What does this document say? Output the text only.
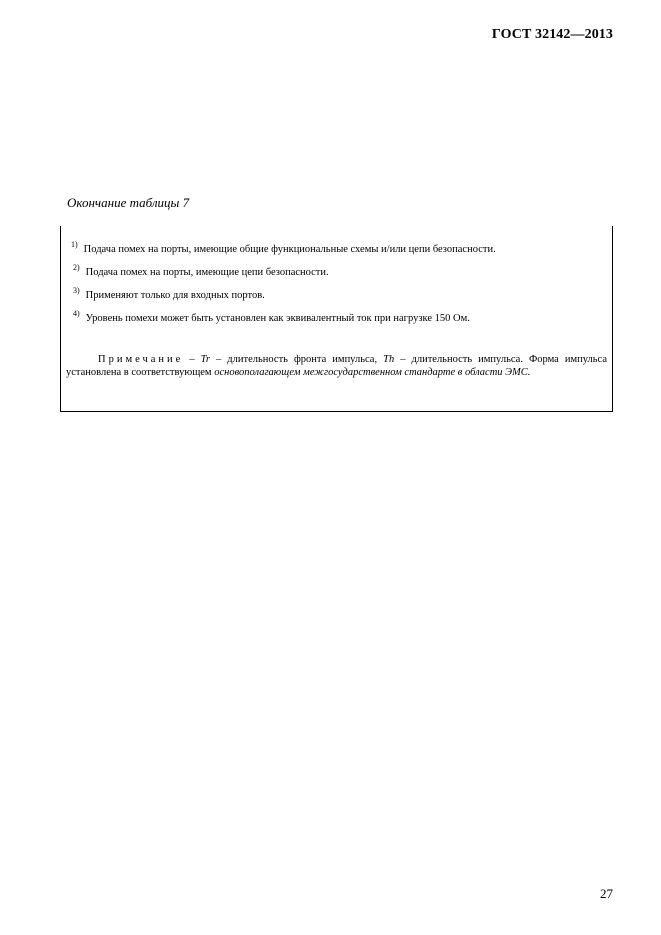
ГОСТ 32142—2013
Окончание таблицы 7
$^{1)}$ Подача помех на порты, имеющие общие функциональные схемы и/или цепи безопасности.
$^{2)}$ Подача помех на порты, имеющие цепи безопасности.
$^{3)}$ Применяют только для входных портов.
$^{4)}$ Уровень помехи может быть установлен как эквивалентный ток при нагрузке 150 Ом.
Примечание – Tr – длительность фронта импульса, Th – длительность импульса. Форма импульса установлена в соответствующем основополагающем межгосударственном стандарте в области ЭМС.
27
